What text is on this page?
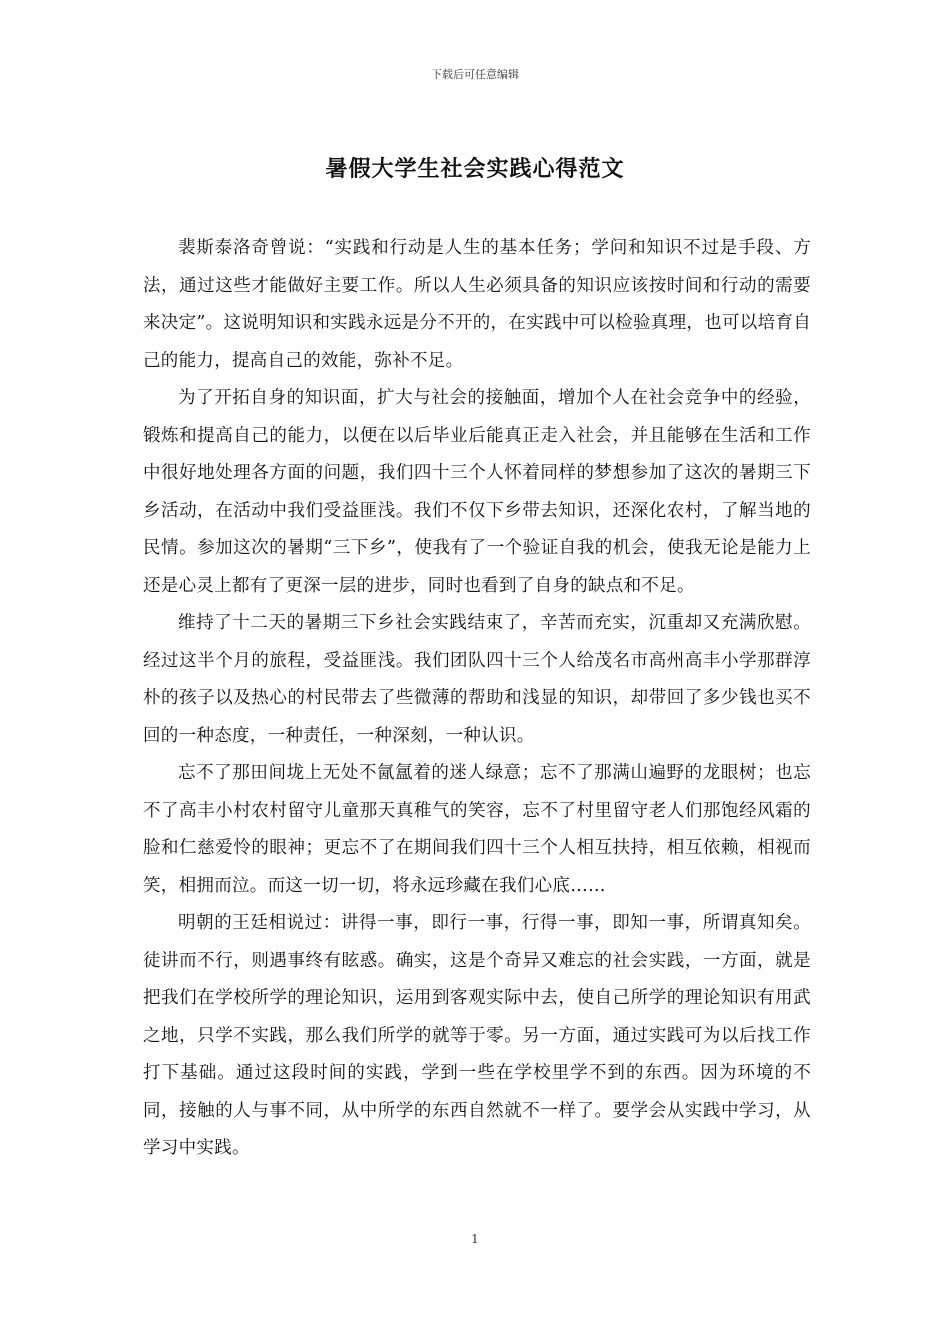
下载后可任意编辑
暑假大学生社会实践心得范文

裴斯泰洛奇曾说：“实践和行动是人生的基本任务；学问和知识不过是手段、方法，通过这些才能做好主要工作。所以人生必须具备的知识应该按时间和行动的需要来决定”。这说明知识和实践永远是分不开的，在实践中可以检验真理，也可以培育自己的能力，提高自己的效能，弥补不足。

为了开拓自身的知识面，扩大与社会的接触面，增加个人在社会竞争中的经验，锻炼和提高自己的能力，以便在以后毕业后能真正走入社会，并且能够在生活和工作中很好地处理各方面的问题，我们四十三个人怀着同样的梦想参加了这次的暑期三下乡活动，在活动中我们受益匪浅。我们不仅下乡带去知识，还深化农村，了解当地的民情。参加这次的暑期“三下乡”，使我有了一个验证自我的机会，使我无论是能力上还是心灵上都有了更深一层的进步，同时也看到了自身的缺点和不足。

维持了十二天的暑期三下乡社会实践结束了，辛苦而充实，沉重却又充满欣慰。经过这半个月的旅程，受益匪浅。我们团队四十三个人给茂名市高州高丰小学那群淳朴的孩子以及热心的村民带去了些微薄的帮助和浅显的知识，却带回了多少钱也买不回的一种态度，一种责任，一种深刻，一种认识。

忘不了那田间垅上无处不氤氲着的迷人绿意；忘不了那满山遍野的龙眼树；也忘不了高丰小村农村留守儿童那天真稚气的笑容，忘不了村里留守老人们那饱经风霜的脸和仁慈爱怜的眼神；更忘不了在期间我们四十三个人相互扶持，相互依赖，相视而笑，相拥而泣。而这一切一切，将永远珍藏在我们心底……

明朝的王廷相说过：讲得一事，即行一事，行得一事，即知一事，所谓真知矣。徒讲而不行，则遇事终有眩惑。确实，这是个奇异又难忘的社会实践，一方面，就是把我们在学校所学的理论知识，运用到客观实际中去，使自己所学的理论知识有用武之地，只学不实践，那么我们所学的就等于零。另一方面，通过实践可为以后找工作打下基础。通过这段时间的实践，学到一些在学校里学不到的东西。因为环境的不同，接触的人与事不同，从中所学的东西自然就不一样了。要学会从实践中学习，从学习中实践。

1
